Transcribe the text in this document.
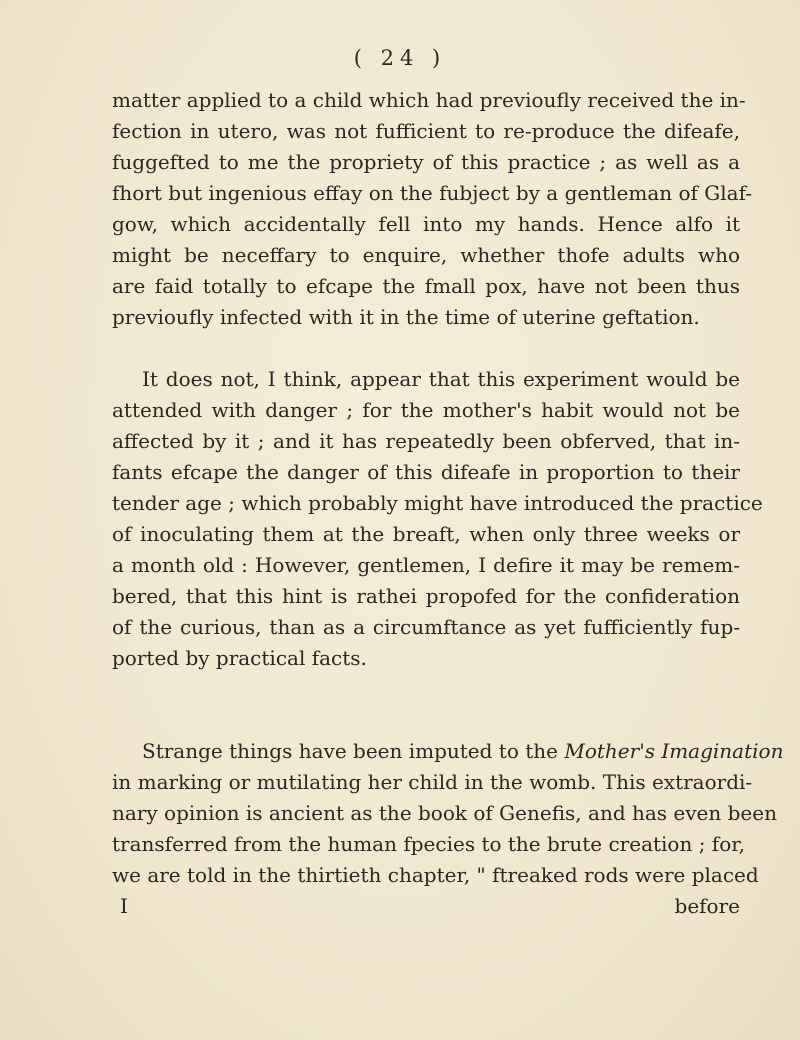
( 24 )
matter applied to a child which had previoufly received the in-
fection in utero, was not fufficient to re-produce the difeafe,
fuggefted to me the propriety of this practice ; as well as a
fhort but ingenious effay on the fubject by a gentleman of Glaf-
gow, which accidentally fell into my hands. Hence alfo it
might be neceffary to enquire, whether thofe adults who
are faid totally to efcape the fmall pox, have not been thus
previoufly infected with it in the time of uterine geftation.
It does not, I think, appear that this experiment would be
attended with danger ; for the mother's habit would not be
affected by it ; and it has repeatedly been obferved, that in-
fants efcape the danger of this difeafe in proportion to their
tender age ; which probably might have introduced the practice
of inoculating them at the breaft, when only three weeks or
a month old : However, gentlemen, I defire it may be remem-
bered, that this hint is rathei propofed for the confideration
of the curious, than as a circumftance as yet fufficiently fup-
ported by practical facts.
Strange things have been imputed to the Mother's Imagination
in marking or mutilating her child in the womb. This extraordi-
nary opinion is ancient as the book of Genefis, and has even been
transferred from the human fpecies to the brute creation ; for,
we are told in the thirtieth chapter, " ftreaked rods were placed
I	before
